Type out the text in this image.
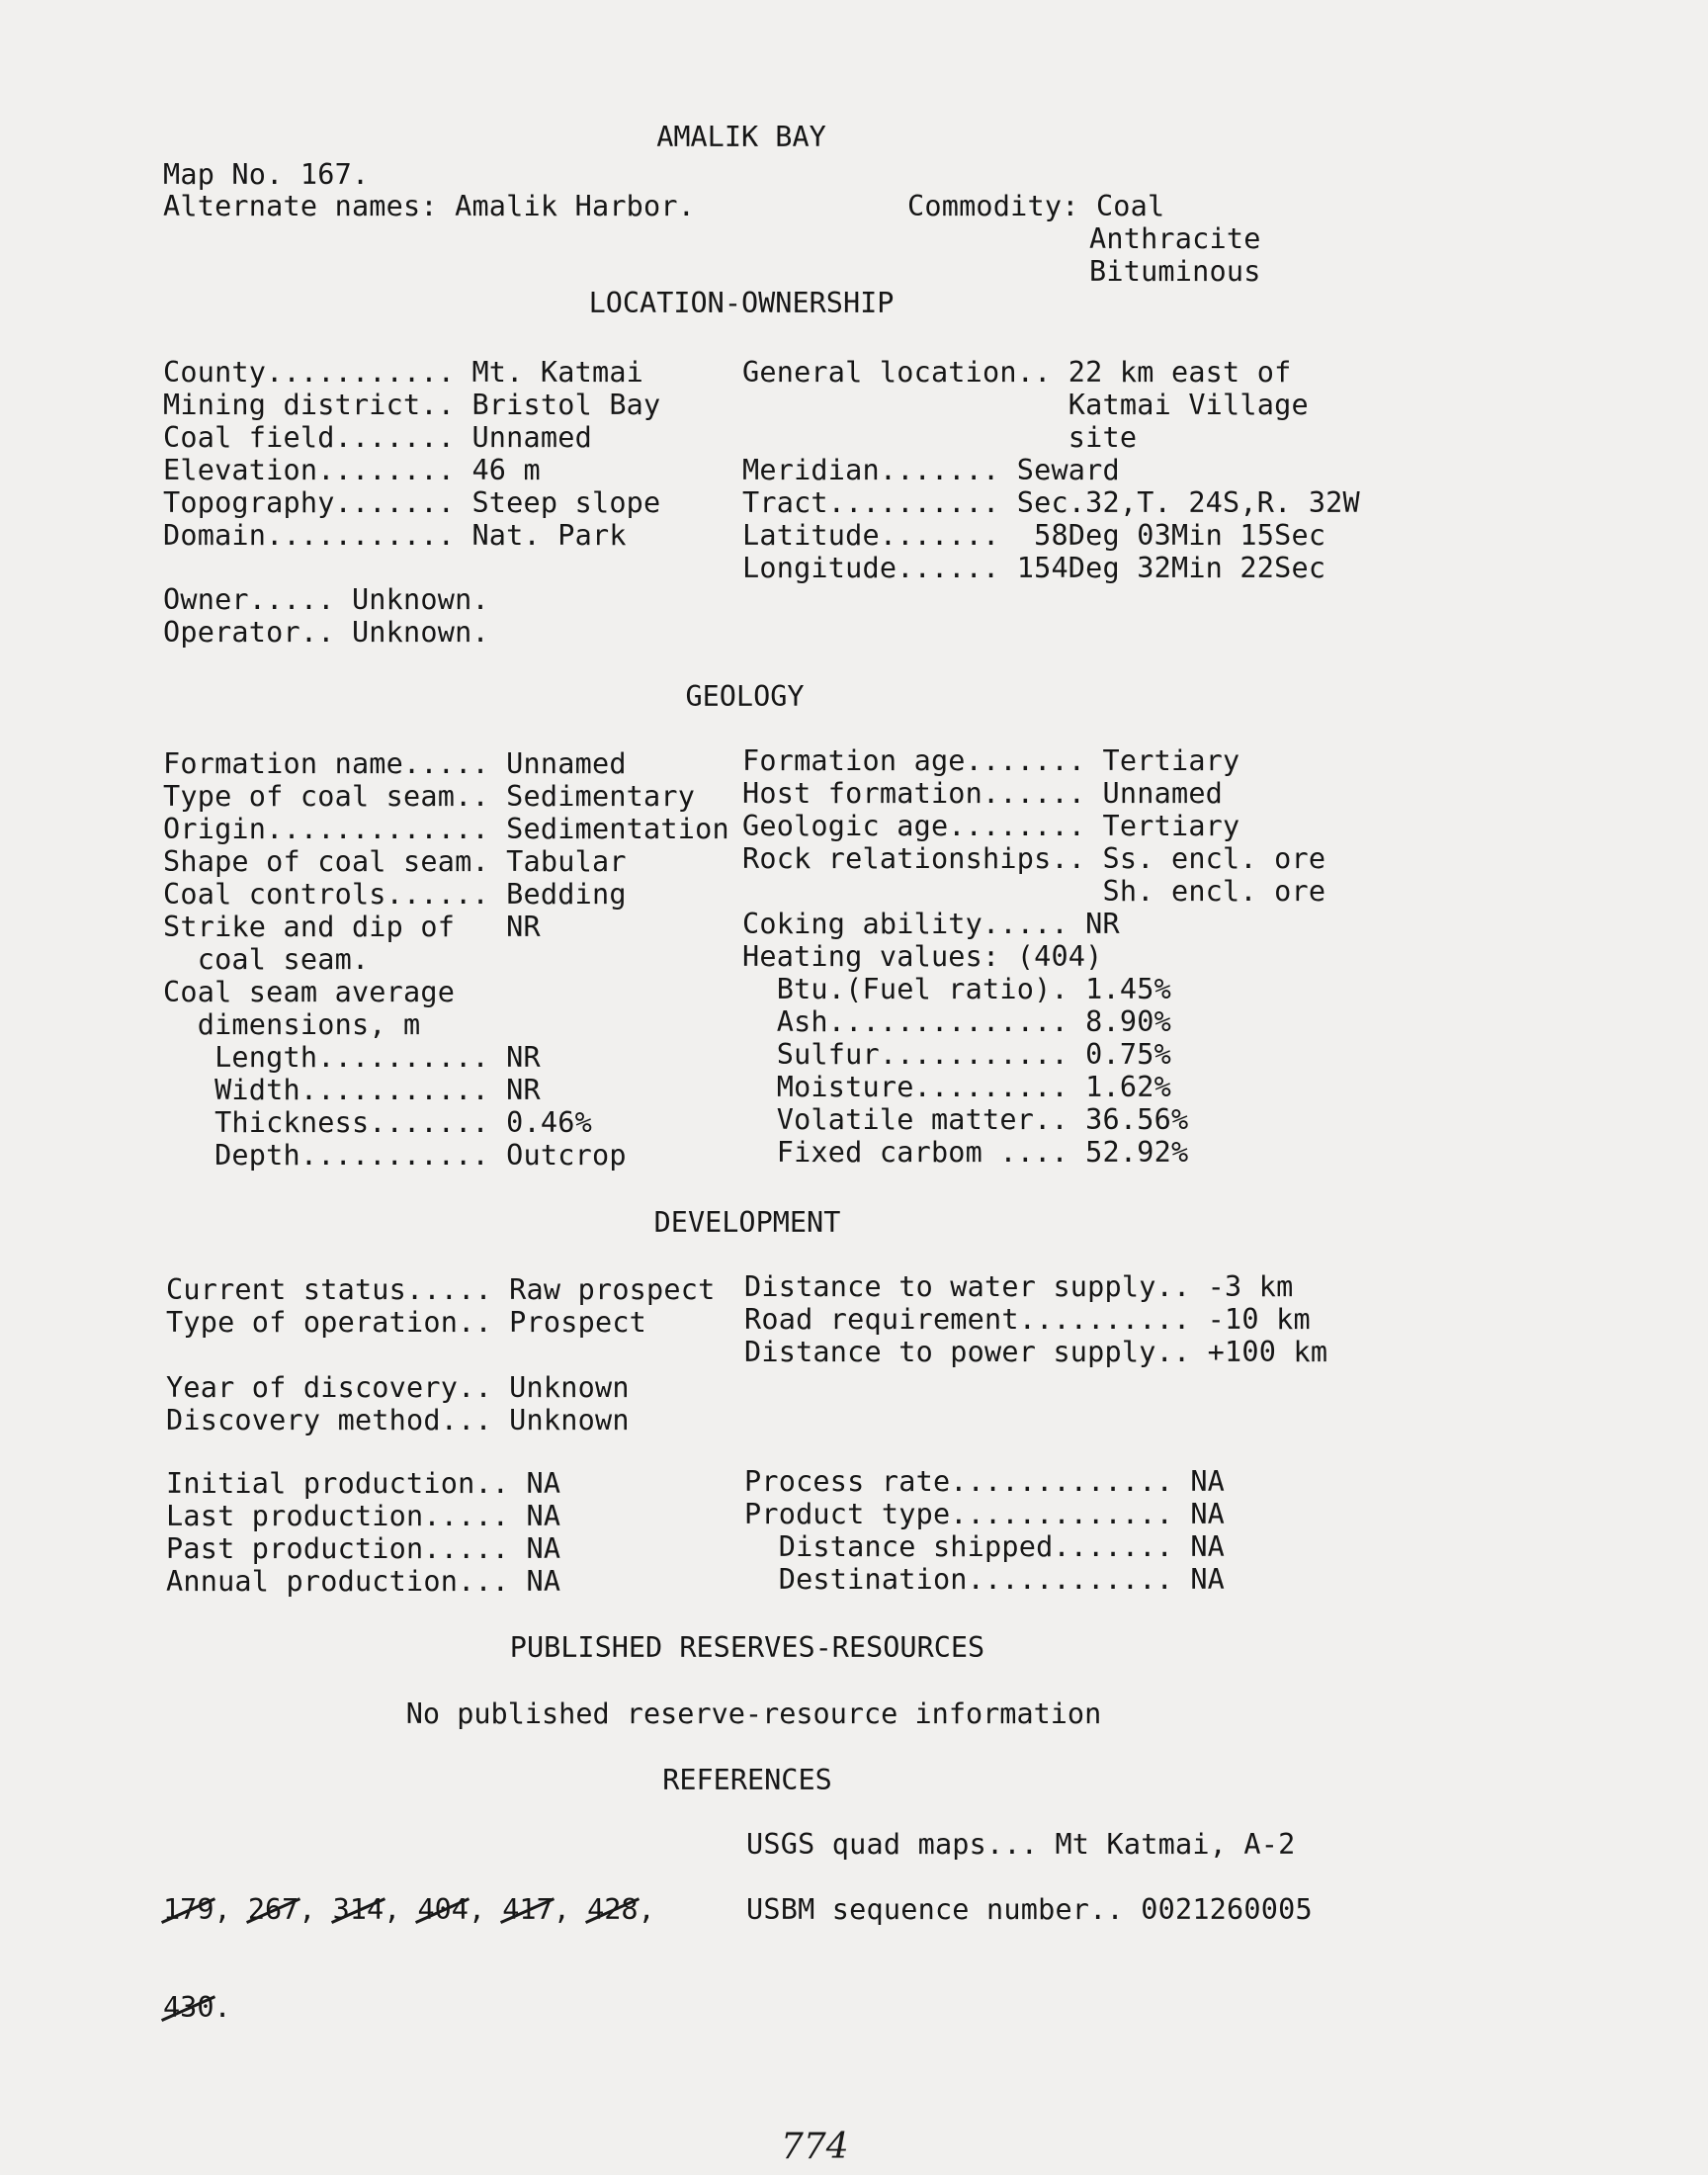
AMALIK BAY
Map No. 167.
Alternate names: Amalik Harbor.	Commodity: Coal
Anthracite
Bituminous
LOCATION-OWNERSHIP
County........... Mt. Katmai
Mining district.. Bristol Bay
Coal field....... Unnamed
Elevation........ 46 m
Topography....... Steep slope
Domain........... Nat. Park
General location.. 22 km east of
Katmai Village
site
Meridian....... Seward
Tract.......... Sec.32,T. 24S,R. 32W
Latitude.......  58Deg 03Min 15Sec
Longitude...... 154Deg 32Min 22Sec
Owner..... Unknown.
Operator.. Unknown.
GEOLOGY
Formation name..... Unnamed
Type of coal seam.. Sedimentary
Origin............. Sedimentation
Shape of coal seam. Tabular
Coal controls...... Bedding
Strike and dip of   NR
coal seam.
Coal seam average
dimensions, m
Length.......... NR
Width........... NR
Thickness....... 0.46%
Depth........... Outcrop
Formation age....... Tertiary
Host formation...... Unnamed
Geologic age........ Tertiary
Rock relationships.. Ss. encl. ore
Sh. encl. ore
Coking ability..... NR
Heating values: (404)
Btu.(Fuel ratio). 1.45%
Ash.............. 8.90%
Sulfur........... 0.75%
Moisture......... 1.62%
Volatile matter.. 36.56%
Fixed carbom .... 52.92%
DEVELOPMENT
Current status..... Raw prospect
Type of operation.. Prospect
Distance to water supply.. -3 km
Road requirement.......... -10 km
Distance to power supply.. +100 km
Year of discovery.. Unknown
Discovery method... Unknown
Initial production.. NA
Last production..... NA
Past production..... NA
Annual production... NA
Process rate............. NA
Product type............. NA
Distance shipped....... NA
Destination............ NA
PUBLISHED RESERVES-RESOURCES
No published reserve-resource information
REFERENCES

179, 267, 314, 404, 417, 428,

430.

USGS quad maps... Mt Katmai, A-2
USBM sequence number.. 0021260005
774
